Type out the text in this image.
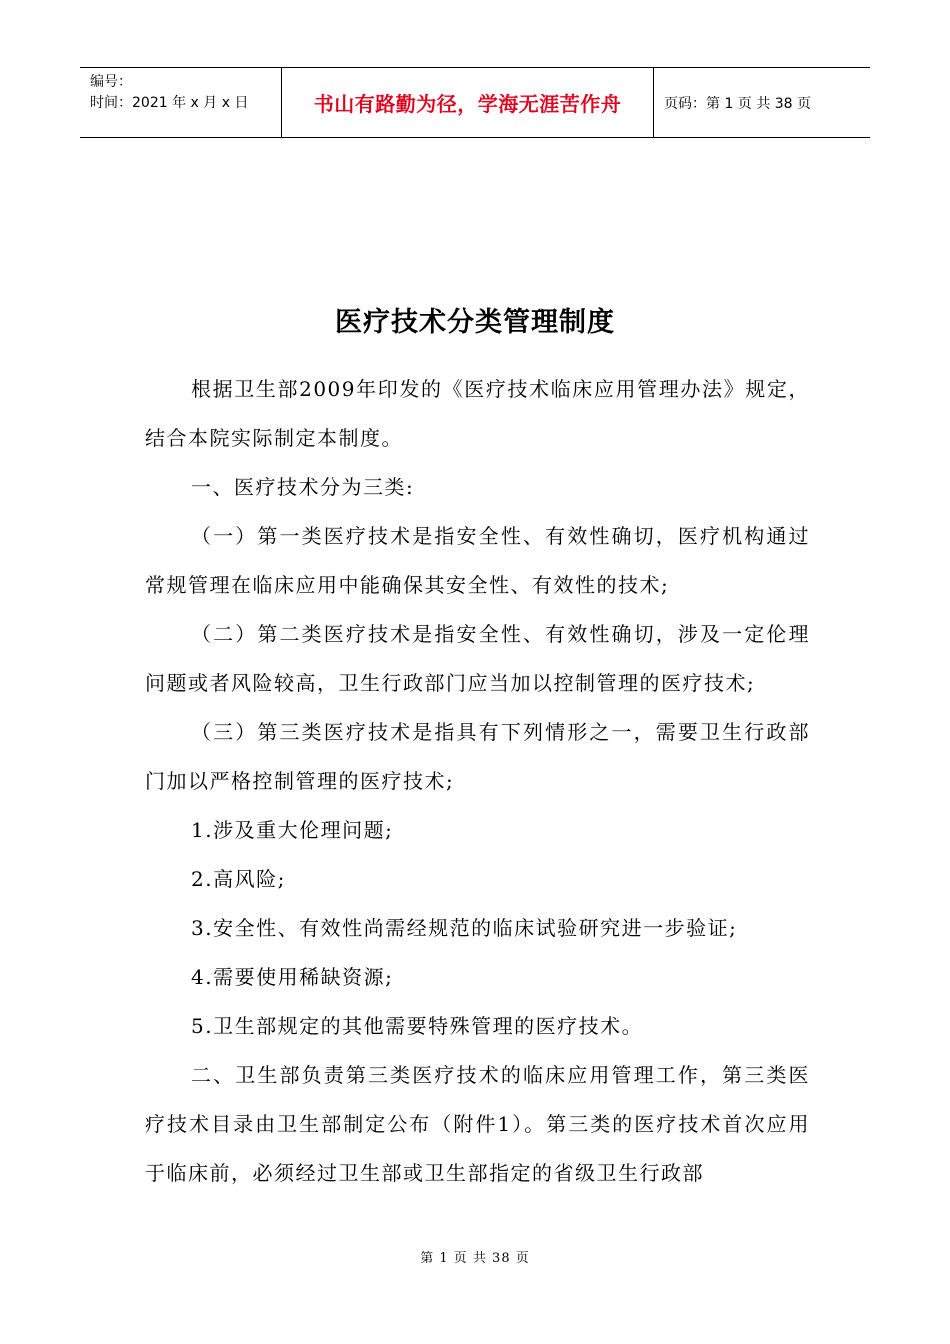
编号：
时间：2021 年 x 月 x 日	书山有路勤为径，学海无涯苦作舟	页码：第 1 页 共 38 页
医疗技术分类管理制度

根据卫生部2009年印发的《医疗技术临床应用管理办法》规定，结合本院实际制定本制度。

一、医疗技术分为三类:

（一）第一类医疗技术是指安全性、有效性确切，医疗机构通过常规管理在临床应用中能确保其安全性、有效性的技术;

（二）第二类医疗技术是指安全性、有效性确切，涉及一定伦理问题或者风险较高，卫生行政部门应当加以控制管理的医疗技术;

（三）第三类医疗技术是指具有下列情形之一，需要卫生行政部门加以严格控制管理的医疗技术;

1.涉及重大伦理问题;

2.高风险;

3.安全性、有效性尚需经规范的临床试验研究进一步验证;

4.需要使用稀缺资源;

5.卫生部规定的其他需要特殊管理的医疗技术。

二、卫生部负责第三类医疗技术的临床应用管理工作，第三类医疗技术目录由卫生部制定公布（附件1）。第三类的医疗技术首次应用于临床前，必须经过卫生部或卫生部指定的省级卫生行政部

第 1 页 共 38 页
